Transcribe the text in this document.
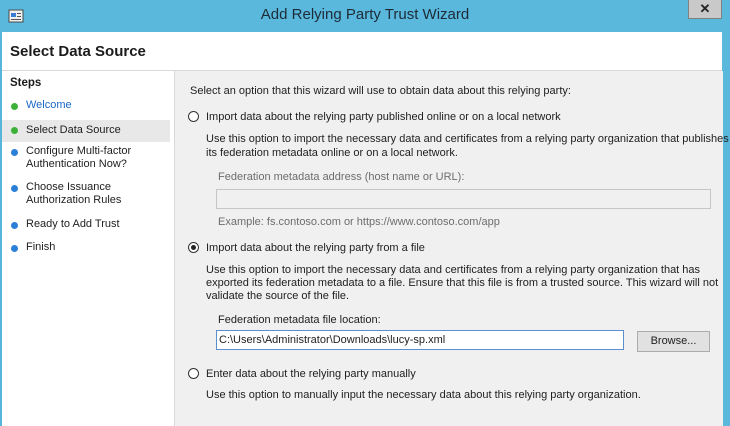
Add Relying Party Trust Wizard	✕
Select Data Source
Steps
Welcome
Select Data Source
Configure Multi-factor
Authentication Now?
Choose Issuance
Authorization Rules
Ready to Add Trust
Finish
Select an option that this wizard will use to obtain data about this relying party:
Import data about the relying party published online or on a local network
Use this option to import the necessary data and certificates from a relying party organization that publishes
its federation metadata online or on a local network.
Federation metadata address (host name or URL):
Example: fs.contoso.com or https://www.contoso.com/app
Import data about the relying party from a file
Use this option to import the necessary data and certificates from a relying party organization that has
exported its federation metadata to a file. Ensure that this file is from a trusted source. This wizard will not
validate the source of the file.
Federation metadata file location:
C:\Users\Administrator\Downloads\lucy-sp.xml	Browse...
Enter data about the relying party manually
Use this option to manually input the necessary data about this relying party organization.
